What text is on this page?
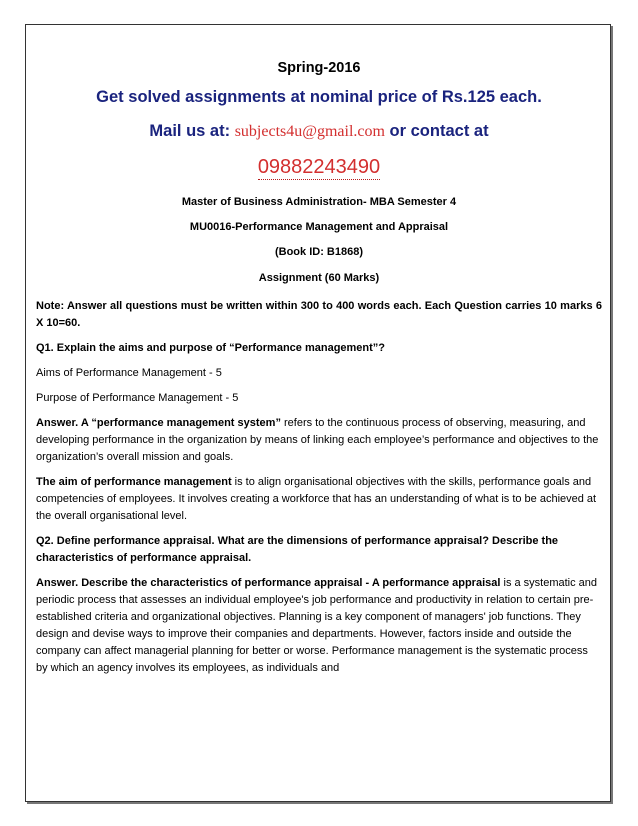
Spring-2016

Get solved assignments at nominal price of Rs.125 each.

Mail us at: subjects4u@gmail.com or contact at

09882243490

Master of Business Administration- MBA Semester 4

MU0016-Performance Management and Appraisal

(Book ID: B1868)

Assignment (60 Marks)

Note: Answer all questions must be written within 300 to 400 words each. Each Question carries 10 marks 6 X 10=60.

Q1. Explain the aims and purpose of “Performance management”?

Aims of Performance Management - 5

Purpose of Performance Management - 5

Answer. A “performance management system” refers to the continuous process of observing, measuring, and developing performance in the organization by means of linking each employee’s performance and objectives to the organization’s overall mission and goals.

The aim of performance management is to align organisational objectives with the skills, performance goals and competencies of employees. It involves creating a workforce that has an understanding of what is to be achieved at the overall organisational level.

Q2. Define performance appraisal. What are the dimensions of performance appraisal? Describe the characteristics of performance appraisal.

Answer. Describe the characteristics of performance appraisal - A performance appraisal is a systematic and periodic process that assesses an individual employee's job performance and productivity in relation to certain pre-established criteria and organizational objectives. Planning is a key component of managers' job functions. They design and devise ways to improve their companies and departments. However, factors inside and outside the company can affect managerial planning for better or worse. Performance management is the systematic process by which an agency involves its employees, as individuals and
